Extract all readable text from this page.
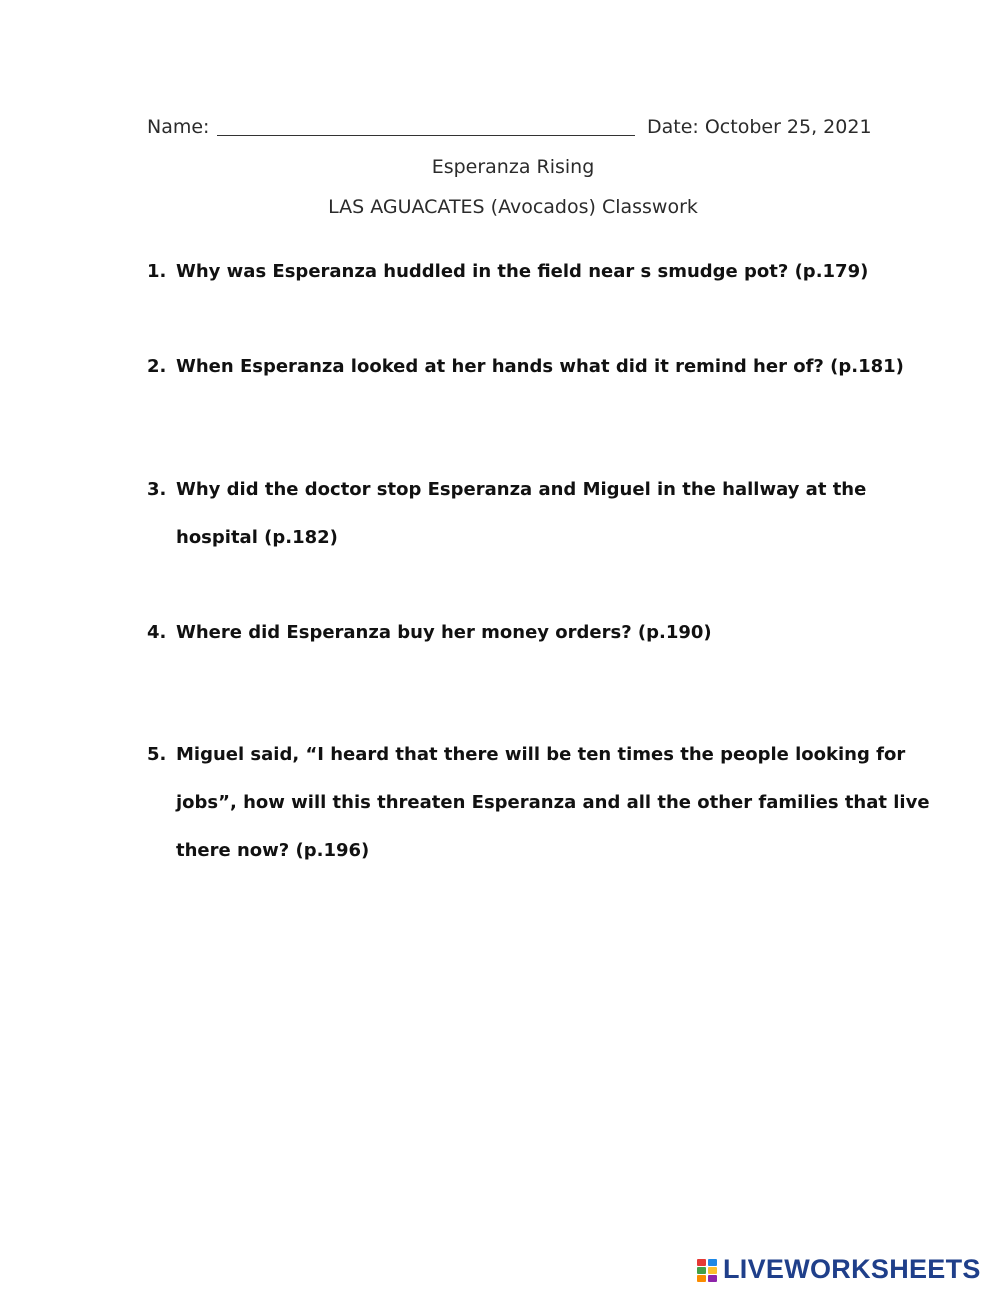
Name:	Date: October 25, 2021
Esperanza Rising
LAS AGUACATES (Avocados) Classwork
1. Why was Esperanza huddled in the field near s smudge pot? (p.179)
2. When Esperanza looked at her hands what did it remind her of? (p.181)
3. Why did the doctor stop Esperanza and Miguel in the hallway at the
hospital (p.182)
4. Where did Esperanza buy her money orders? (p.190)
5. Miguel said, “I heard that there will be ten times the people looking for
jobs”, how will this threaten Esperanza and all the other families that live
there now? (p.196)
LIVEWORKSHEETS
